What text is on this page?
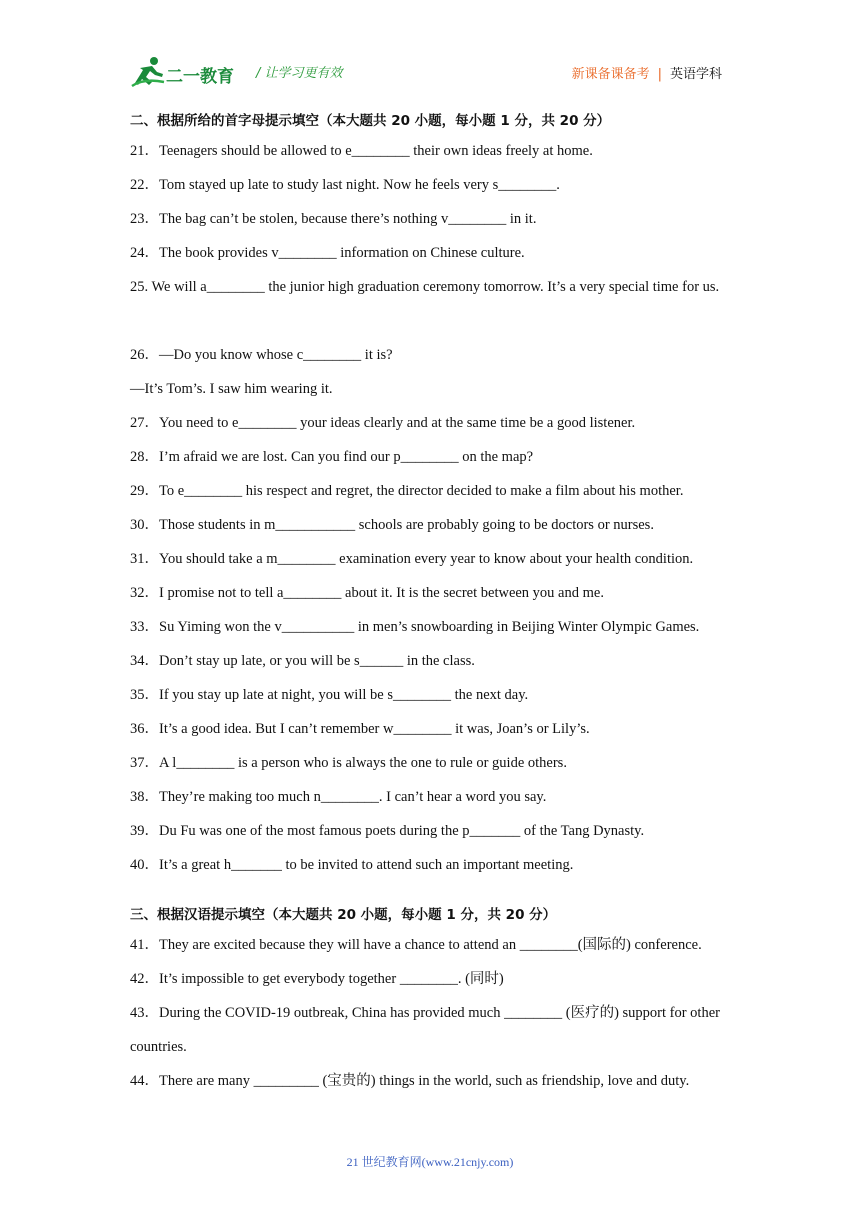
二一教育 / 让学习更有效	新课备课备考 | 英语学科
二、根据所给的首字母提示填空（本大题共 20 小题，每小题 1 分，共 20 分）
21．Teenagers should be allowed to e________ their own ideas freely at home.
22．Tom stayed up late to study last night. Now he feels very s________.
23．The bag can’t be stolen, because there’s nothing v________ in it.
24．The book provides v________ information on Chinese culture.
25. We will a________ the junior high graduation ceremony tomorrow. It’s a very special time for us.
26．—Do you know whose c________ it is?
—It’s Tom’s. I saw him wearing it.
27．You need to e________ your ideas clearly and at the same time be a good listener.
28．I’m afraid we are lost. Can you find our p________ on the map?
29．To e________ his respect and regret, the director decided to make a film about his mother.
30．Those students in m___________ schools are probably going to be doctors or nurses.
31．You should take a m________ examination every year to know about your health condition.
32．I promise not to tell a________ about it. It is the secret between you and me.
33．Su Yiming won the v__________ in men’s snowboarding in Beijing Winter Olympic Games.
34．Don’t stay up late, or you will be s______ in the class.
35．If you stay up late at night, you will be s________ the next day.
36．It’s a good idea. But I can’t remember w________ it was, Joan’s or Lily’s.
37．A l________ is a person who is always the one to rule or guide others.
38．They’re making too much n________. I can’t hear a word you say.
39．Du Fu was one of the most famous poets during the p_______ of the Tang Dynasty.
40．It’s a great h_______ to be invited to attend such an important meeting.
三、根据汉语提示填空（本大题共 20 小题，每小题 1 分，共 20 分）
41．They are excited because they will have a chance to attend an ________(国际的) conference.
42．It’s impossible to get everybody together ________. (同时)
43．During the COVID-19 outbreak, China has provided much ________ (医疗的) support for other countries.
44．There are many _________ (宝贵的) things in the world, such as friendship, love and duty.
21 世纪教育网(www.21cnjy.com)
